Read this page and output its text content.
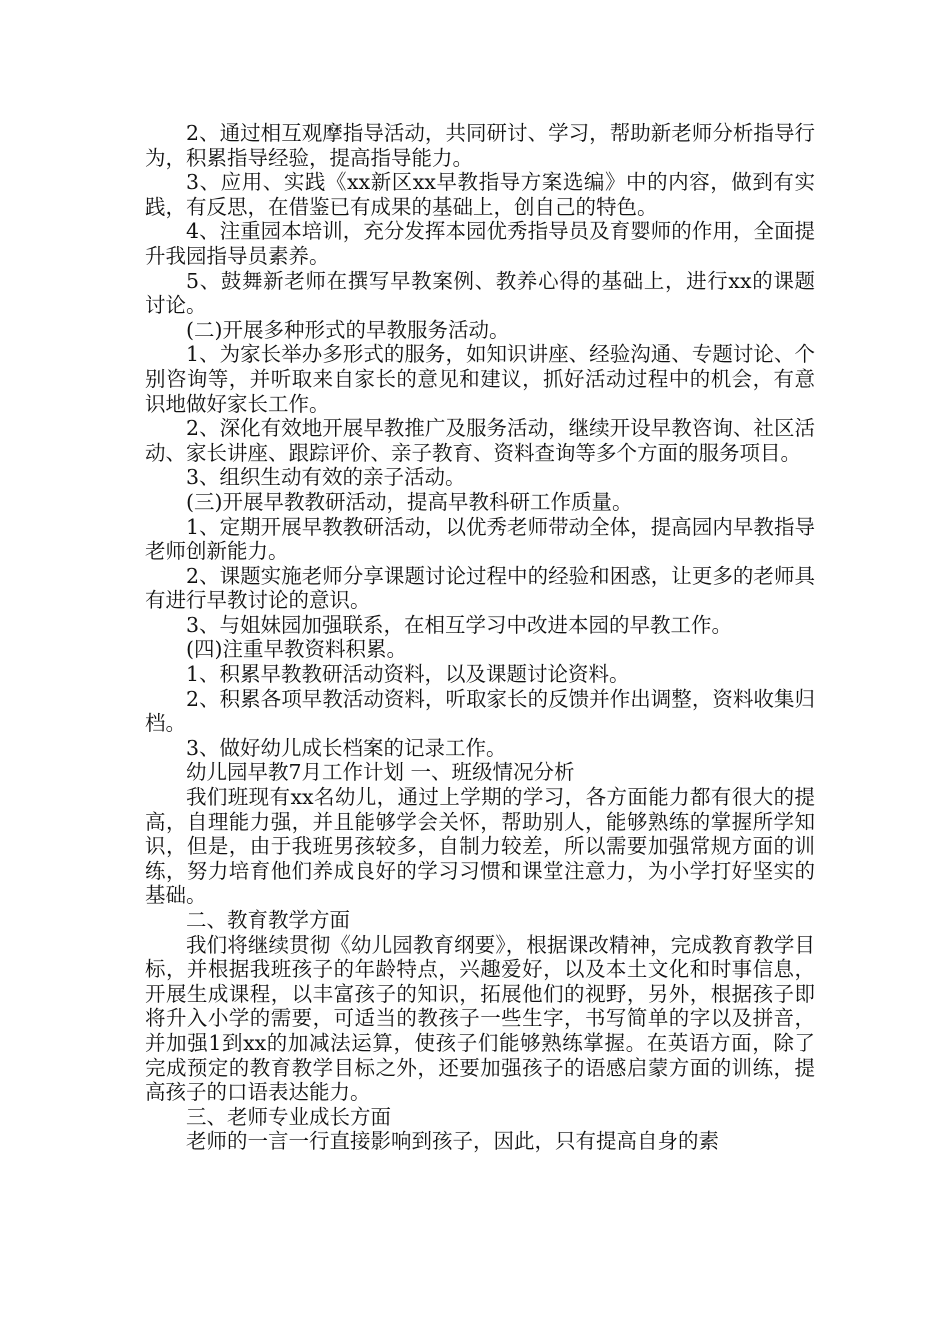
2、通过相互观摩指导活动，共同研讨、学习，帮助新老师分析指导行为，积累指导经验，提高指导能力。

3、应用、实践《xx新区xx早教指导方案选编》中的内容，做到有实践，有反思，在借鉴已有成果的基础上，创自己的特色。

4、注重园本培训，充分发挥本园优秀指导员及育婴师的作用，全面提升我园指导员素养。

5、鼓舞新老师在撰写早教案例、教养心得的基础上，进行xx的课题讨论。

(二)开展多种形式的早教服务活动。

1、为家长举办多形式的服务，如知识讲座、经验沟通、专题讨论、个别咨询等，并听取来自家长的意见和建议，抓好活动过程中的机会，有意识地做好家长工作。

2、深化有效地开展早教推广及服务活动，继续开设早教咨询、社区活动、家长讲座、跟踪评价、亲子教育、资料查询等多个方面的服务项目。

3、组织生动有效的亲子活动。

(三)开展早教教研活动，提高早教科研工作质量。

1、定期开展早教教研活动，以优秀老师带动全体，提高园内早教指导老师创新能力。

2、课题实施老师分享课题讨论过程中的经验和困惑，让更多的老师具有进行早教讨论的意识。

3、与姐妹园加强联系，在相互学习中改进本园的早教工作。

(四)注重早教资料积累。

1、积累早教教研活动资料，以及课题讨论资料。

2、积累各项早教活动资料，听取家长的反馈并作出调整，资料收集归档。

3、做好幼儿成长档案的记录工作。

幼儿园早教7月工作计划 一、班级情况分析

我们班现有xx名幼儿，通过上学期的学习，各方面能力都有很大的提高，自理能力强，并且能够学会关怀，帮助别人，能够熟练的掌握所学知识，但是，由于我班男孩较多，自制力较差，所以需要加强常规方面的训练，努力培育他们养成良好的学习习惯和课堂注意力，为小学打好坚实的基础。

二、教育教学方面

我们将继续贯彻《幼儿园教育纲要》，根据课改精神，完成教育教学目标，并根据我班孩子的年龄特点，兴趣爱好，以及本土文化和时事信息，开展生成课程，以丰富孩子的知识，拓展他们的视野，另外，根据孩子即将升入小学的需要，可适当的教孩子一些生字，书写简单的字以及拼音，并加强1到xx的加减法运算，使孩子们能够熟练掌握。在英语方面，除了完成预定的教育教学目标之外，还要加强孩子的语感启蒙方面的训练，提高孩子的口语表达能力。

三、老师专业成长方面

老师的一言一行直接影响到孩子，因此，只有提高自身的素
